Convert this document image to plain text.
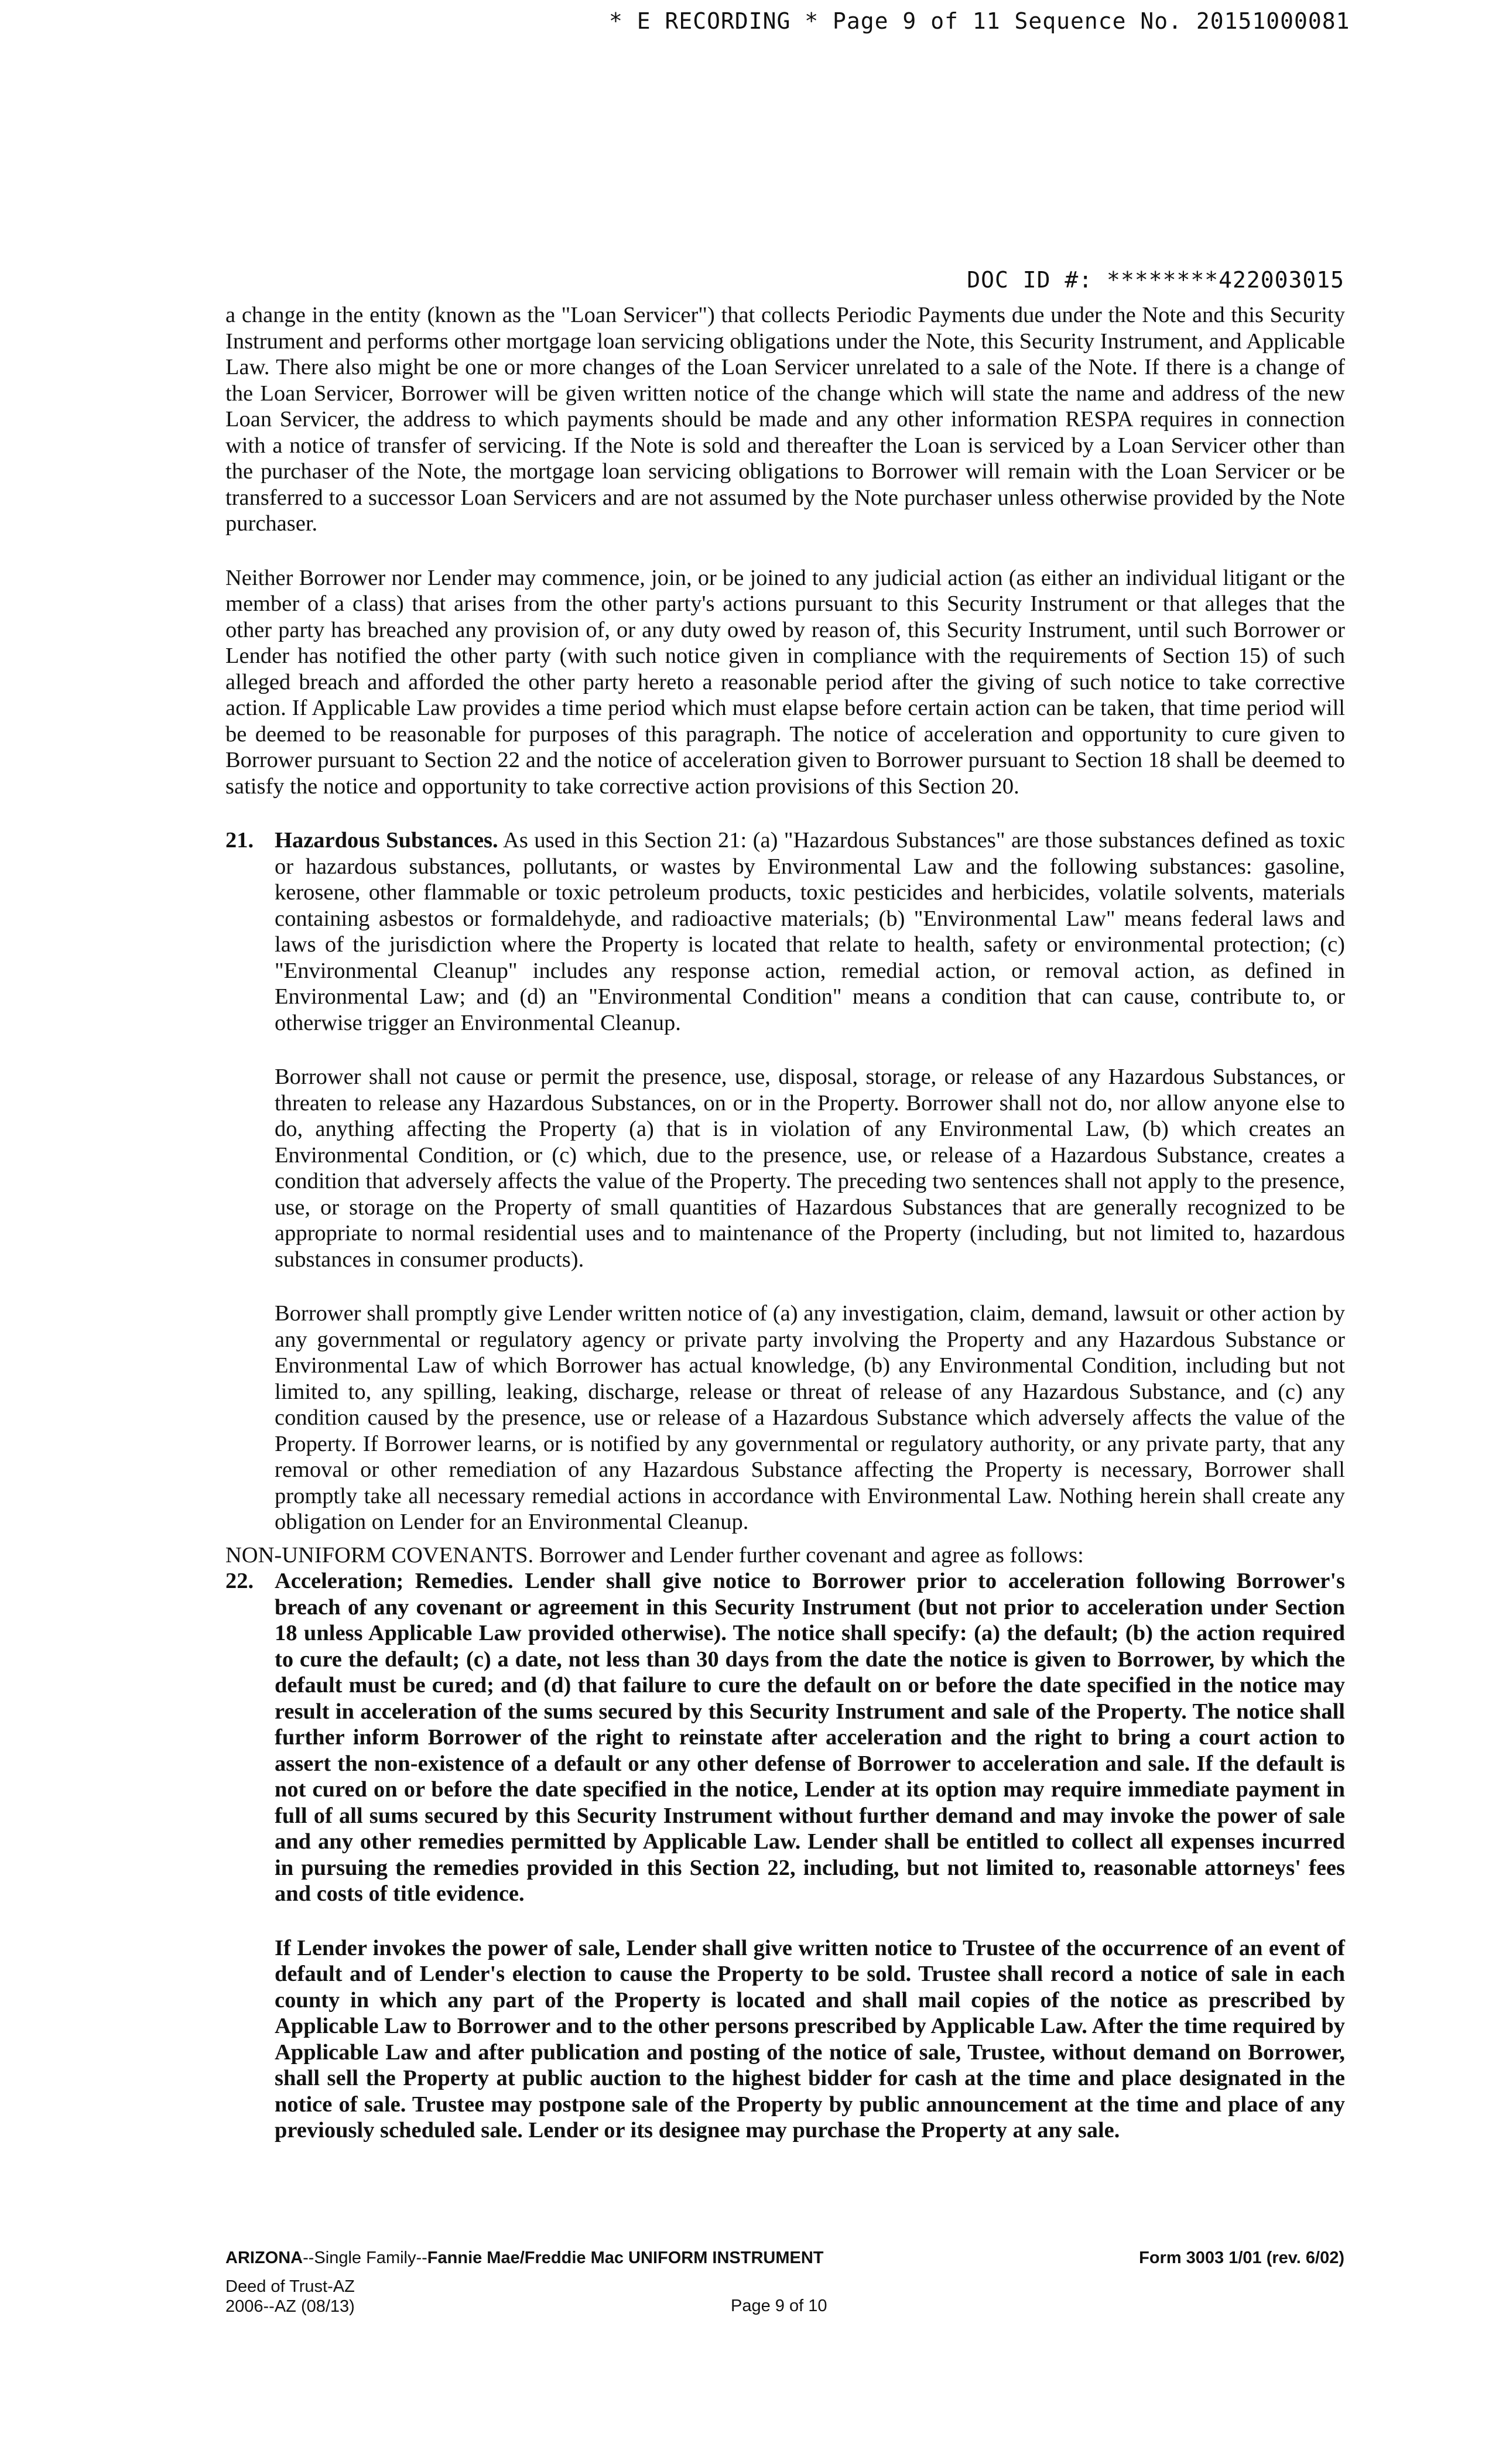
* E RECORDING * Page 9 of 11 Sequence No. 20151000081
DOC ID #: ********422003015

a change in the entity (known as the "Loan Servicer") that collects Periodic Payments due under the Note and this Security Instrument and performs other mortgage loan servicing obligations under the Note, this Security Instrument, and Applicable Law. There also might be one or more changes of the Loan Servicer unrelated to a sale of the Note. If there is a change of the Loan Servicer, Borrower will be given written notice of the change which will state the name and address of the new Loan Servicer, the address to which payments should be made and any other information RESPA requires in connection with a notice of transfer of servicing. If the Note is sold and thereafter the Loan is serviced by a Loan Servicer other than the purchaser of the Note, the mortgage loan servicing obligations to Borrower will remain with the Loan Servicer or be transferred to a successor Loan Servicers and are not assumed by the Note purchaser unless otherwise provided by the Note purchaser.

Neither Borrower nor Lender may commence, join, or be joined to any judicial action (as either an individual litigant or the member of a class) that arises from the other party's actions pursuant to this Security Instrument or that alleges that the other party has breached any provision of, or any duty owed by reason of, this Security Instrument, until such Borrower or Lender has notified the other party (with such notice given in compliance with the requirements of Section 15) of such alleged breach and afforded the other party hereto a reasonable period after the giving of such notice to take corrective action. If Applicable Law provides a time period which must elapse before certain action can be taken, that time period will be deemed to be reasonable for purposes of this paragraph. The notice of acceleration and opportunity to cure given to Borrower pursuant to Section 22 and the notice of acceleration given to Borrower pursuant to Section 18 shall be deemed to satisfy the notice and opportunity to take corrective action provisions of this Section 20.

21. Hazardous Substances. As used in this Section 21: (a) "Hazardous Substances" are those substances defined as toxic or hazardous substances, pollutants, or wastes by Environmental Law and the following substances: gasoline, kerosene, other flammable or toxic petroleum products, toxic pesticides and herbicides, volatile solvents, materials containing asbestos or formaldehyde, and radioactive materials; (b) "Environmental Law" means federal laws and laws of the jurisdiction where the Property is located that relate to health, safety or environmental protection; (c) "Environmental Cleanup" includes any response action, remedial action, or removal action, as defined in Environmental Law; and (d) an "Environmental Condition" means a condition that can cause, contribute to, or otherwise trigger an Environmental Cleanup.

Borrower shall not cause or permit the presence, use, disposal, storage, or release of any Hazardous Substances, or threaten to release any Hazardous Substances, on or in the Property. Borrower shall not do, nor allow anyone else to do, anything affecting the Property (a) that is in violation of any Environmental Law, (b) which creates an Environmental Condition, or (c) which, due to the presence, use, or release of a Hazardous Substance, creates a condition that adversely affects the value of the Property. The preceding two sentences shall not apply to the presence, use, or storage on the Property of small quantities of Hazardous Substances that are generally recognized to be appropriate to normal residential uses and to maintenance of the Property (including, but not limited to, hazardous substances in consumer products).

Borrower shall promptly give Lender written notice of (a) any investigation, claim, demand, lawsuit or other action by any governmental or regulatory agency or private party involving the Property and any Hazardous Substance or Environmental Law of which Borrower has actual knowledge, (b) any Environmental Condition, including but not limited to, any spilling, leaking, discharge, release or threat of release of any Hazardous Substance, and (c) any condition caused by the presence, use or release of a Hazardous Substance which adversely affects the value of the Property. If Borrower learns, or is notified by any governmental or regulatory authority, or any private party, that any removal or other remediation of any Hazardous Substance affecting the Property is necessary, Borrower shall promptly take all necessary remedial actions in accordance with Environmental Law. Nothing herein shall create any obligation on Lender for an Environmental Cleanup.

NON-UNIFORM COVENANTS. Borrower and Lender further covenant and agree as follows:

22. Acceleration; Remedies. Lender shall give notice to Borrower prior to acceleration following Borrower's breach of any covenant or agreement in this Security Instrument (but not prior to acceleration under Section 18 unless Applicable Law provided otherwise). The notice shall specify: (a) the default; (b) the action required to cure the default; (c) a date, not less than 30 days from the date the notice is given to Borrower, by which the default must be cured; and (d) that failure to cure the default on or before the date specified in the notice may result in acceleration of the sums secured by this Security Instrument and sale of the Property. The notice shall further inform Borrower of the right to reinstate after acceleration and the right to bring a court action to assert the non-existence of a default or any other defense of Borrower to acceleration and sale. If the default is not cured on or before the date specified in the notice, Lender at its option may require immediate payment in full of all sums secured by this Security Instrument without further demand and may invoke the power of sale and any other remedies permitted by Applicable Law. Lender shall be entitled to collect all expenses incurred in pursuing the remedies provided in this Section 22, including, but not limited to, reasonable attorneys' fees and costs of title evidence.

If Lender invokes the power of sale, Lender shall give written notice to Trustee of the occurrence of an event of default and of Lender's election to cause the Property to be sold. Trustee shall record a notice of sale in each county in which any part of the Property is located and shall mail copies of the notice as prescribed by Applicable Law to Borrower and to the other persons prescribed by Applicable Law. After the time required by Applicable Law and after publication and posting of the notice of sale, Trustee, without demand on Borrower, shall sell the Property at public auction to the highest bidder for cash at the time and place designated in the notice of sale. Trustee may postpone sale of the Property by public announcement at the time and place of any previously scheduled sale. Lender or its designee may purchase the Property at any sale.

ARIZONA--Single Family--Fannie Mae/Freddie Mac UNIFORM INSTRUMENT	Form 3003 1/01 (rev. 6/02)
Deed of Trust-AZ
2006--AZ (08/13)	Page 9 of 10
